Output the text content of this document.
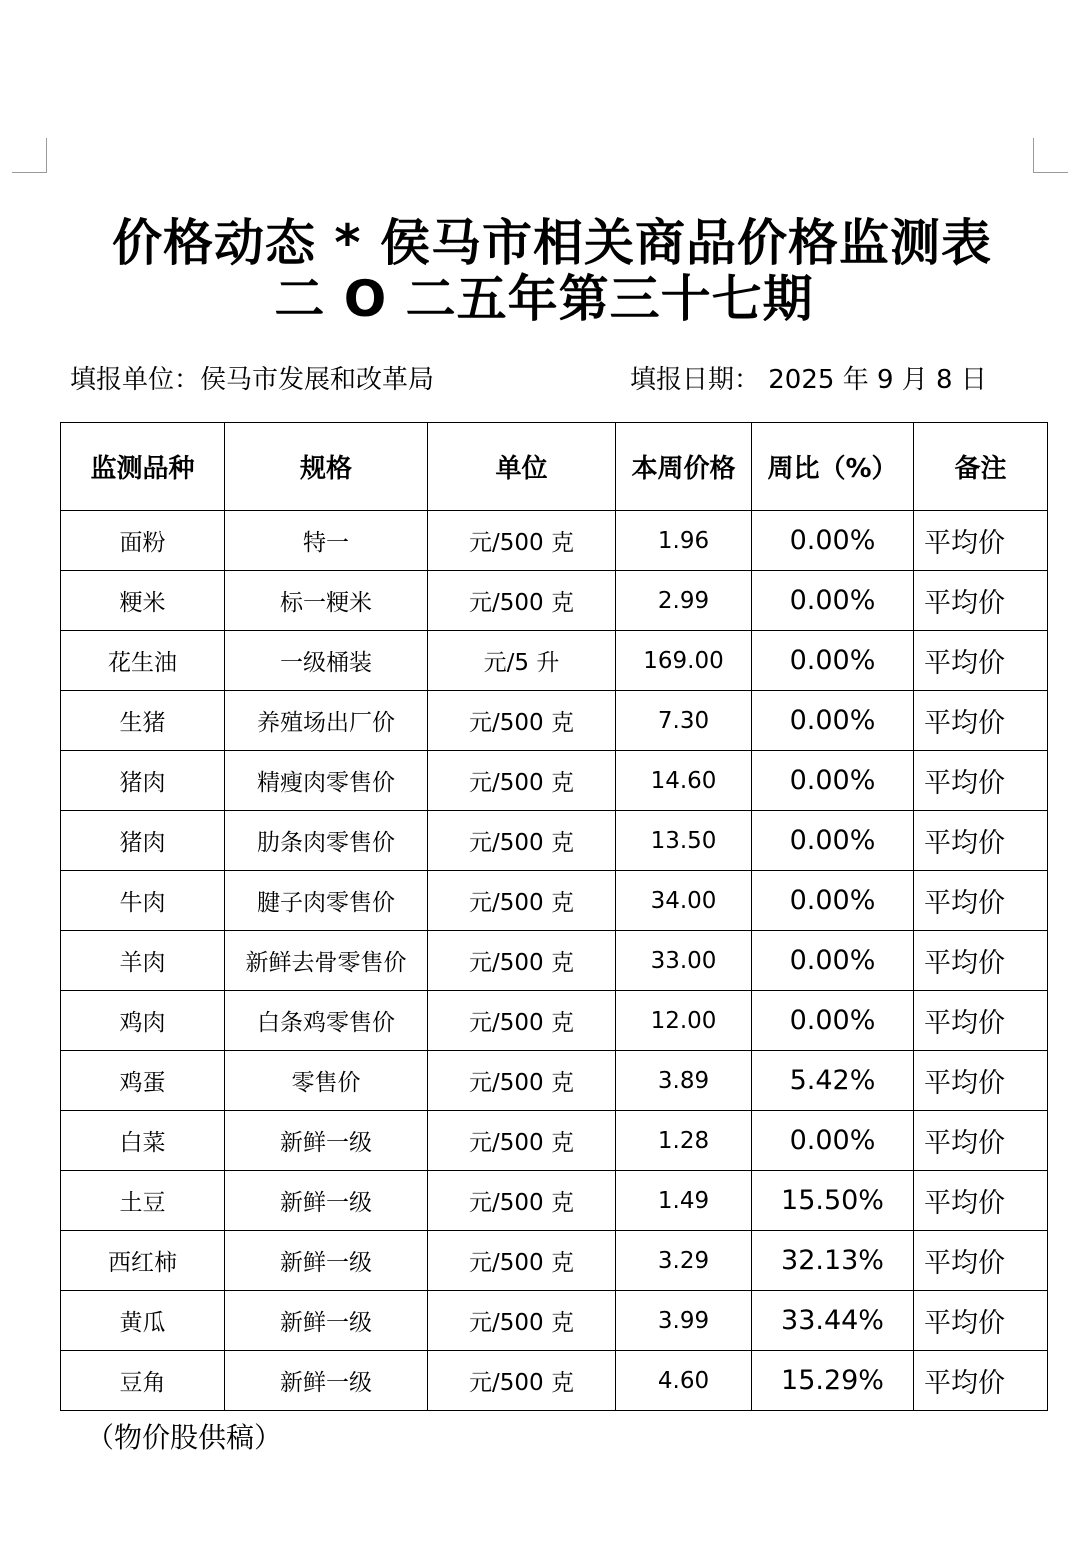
价格动态 * 侯马市相关商品价格监测表
二 O 二五年第三十七期
填报单位：侯马市发展和改革局	填报日期： 2025 年 9 月 8 日
监测品种	规格	单位	本周价格	周比（%）	备注
面粉	特一	元/500 克	1.96	0.00%	平均价
粳米	标一粳米	元/500 克	2.99	0.00%	平均价
花生油	一级桶装	元/5 升	169.00	0.00%	平均价
生猪	养殖场出厂价	元/500 克	7.30	0.00%	平均价
猪肉	精瘦肉零售价	元/500 克	14.60	0.00%	平均价
猪肉	肋条肉零售价	元/500 克	13.50	0.00%	平均价
牛肉	腱子肉零售价	元/500 克	34.00	0.00%	平均价
羊肉	新鲜去骨零售价	元/500 克	33.00	0.00%	平均价
鸡肉	白条鸡零售价	元/500 克	12.00	0.00%	平均价
鸡蛋	零售价	元/500 克	3.89	5.42%	平均价
白菜	新鲜一级	元/500 克	1.28	0.00%	平均价
土豆	新鲜一级	元/500 克	1.49	15.50%	平均价
西红柿	新鲜一级	元/500 克	3.29	32.13%	平均价
黄瓜	新鲜一级	元/500 克	3.99	33.44%	平均价
豆角	新鲜一级	元/500 克	4.60	15.29%	平均价
（物价股供稿）
